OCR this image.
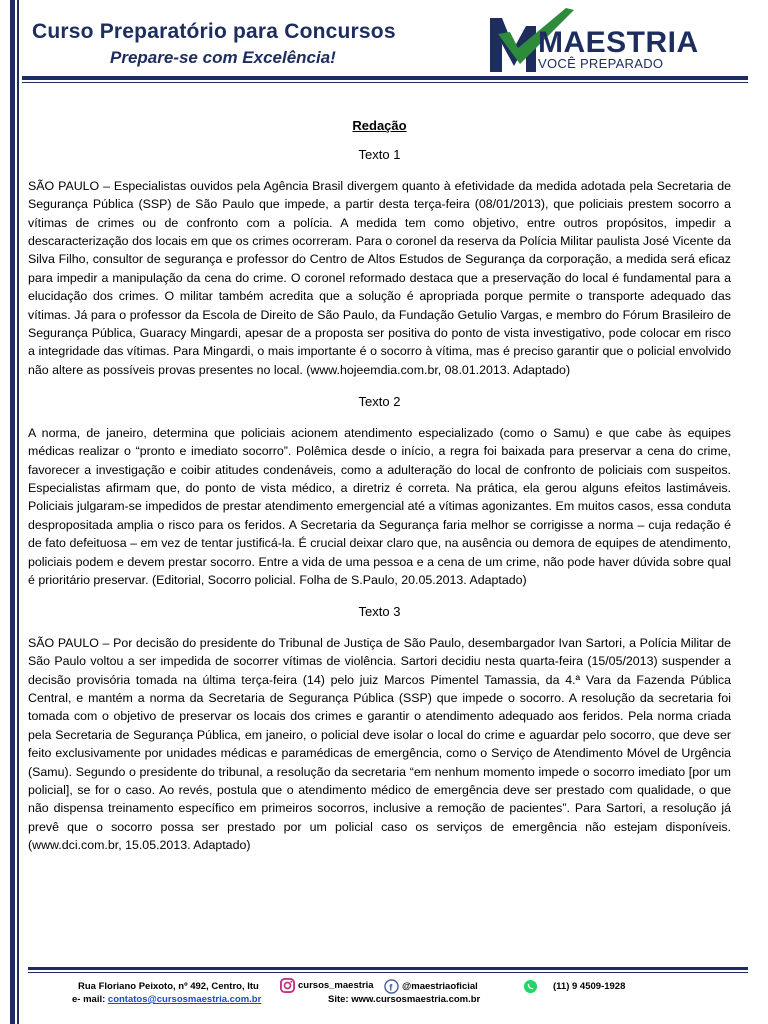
Curso Preparatório para Concursos

Prepare-se com Excelência!	MAESTRIA

VOCÊ PREPARADO

Redação
Texto 1

SÃO PAULO – Especialistas ouvidos pela Agência Brasil divergem quanto à efetividade da medida adotada pela Secretaria de Segurança Pública (SSP) de São Paulo que impede, a partir desta terça-feira (08/01/2013), que policiais prestem socorro a vítimas de crimes ou de confronto com a polícia. A medida tem como objetivo, entre outros propósitos, impedir a descaracterização dos locais em que os crimes ocorreram. Para o coronel da reserva da Polícia Militar paulista José Vicente da Silva Filho, consultor de segurança e professor do Centro de Altos Estudos de Segurança da corporação, a medida será eficaz para impedir a manipulação da cena do crime. O coronel reformado destaca que a preservação do local é fundamental para a elucidação dos crimes. O militar também acredita que a solução é apropriada porque permite o transporte adequado das vítimas. Já para o professor da Escola de Direito de São Paulo, da Fundação Getulio Vargas, e membro do Fórum Brasileiro de Segurança Pública, Guaracy Mingardi, apesar de a proposta ser positiva do ponto de vista investigativo, pode colocar em risco a integridade das vítimas. Para Mingardi, o mais importante é o socorro à vítima, mas é preciso garantir que o policial envolvido não altere as possíveis provas presentes no local. (www.hojeemdia.com.br, 08.01.2013. Adaptado)

Texto 2

A norma, de janeiro, determina que policiais acionem atendimento especializado (como o Samu) e que cabe às equipes médicas realizar o “pronto e imediato socorro”. Polêmica desde o início, a regra foi baixada para preservar a cena do crime, favorecer a investigação e coibir atitudes condenáveis, como a adulteração do local de confronto de policiais com suspeitos. Especialistas afirmam que, do ponto de vista médico, a diretriz é correta. Na prática, ela gerou alguns efeitos lastimáveis. Policiais julgaram-se impedidos de prestar atendimento emergencial até a vítimas agonizantes. Em muitos casos, essa conduta despropositada amplia o risco para os feridos. A Secretaria da Segurança faria melhor se corrigisse a norma – cuja redação é de fato defeituosa – em vez de tentar justificá-la. É crucial deixar claro que, na ausência ou demora de equipes de atendimento, policiais podem e devem prestar socorro. Entre a vida de uma pessoa e a cena de um crime, não pode haver dúvida sobre qual é prioritário preservar. (Editorial, Socorro policial. Folha de S.Paulo, 20.05.2013. Adaptado)

Texto 3

SÃO PAULO – Por decisão do presidente do Tribunal de Justiça de São Paulo, desembargador Ivan Sartori, a Polícia Militar de São Paulo voltou a ser impedida de socorrer vítimas de violência. Sartori decidiu nesta quarta-feira (15/05/2013) suspender a decisão provisória tomada na última terça-feira (14) pelo juiz Marcos Pimentel Tamassia, da 4.ª Vara da Fazenda Pública Central, e mantém a norma da Secretaria de Segurança Pública (SSP) que impede o socorro. A resolução da secretaria foi tomada com o objetivo de preservar os locais dos crimes e garantir o atendimento adequado aos feridos. Pela norma criada pela Secretaria de Segurança Pública, em janeiro, o policial deve isolar o local do crime e aguardar pelo socorro, que deve ser feito exclusivamente por unidades médicas e paramédicas de emergência, como o Serviço de Atendimento Móvel de Urgência (Samu). Segundo o presidente do tribunal, a resolução da secretaria “em nenhum momento impede o socorro imediato [por um policial], se for o caso. Ao revés, postula que o atendimento médico de emergência deve ser prestado com qualidade, o que não dispensa treinamento específico em primeiros socorros, inclusive a remoção de pacientes”. Para Sartori, a resolução já prevê que o socorro possa ser prestado por um policial caso os serviços de emergência não estejam disponíveis. (www.dci.com.br, 15.05.2013. Adaptado)

Rua Floriano Peixoto, nº 492, Centro, Itu	cursos_maestria f @maestriaoficial	(11) 9 4509-1928
e- mail:
contatos@cursosmaestria.com.br	Site:
www.cursosmaestria.com.br
